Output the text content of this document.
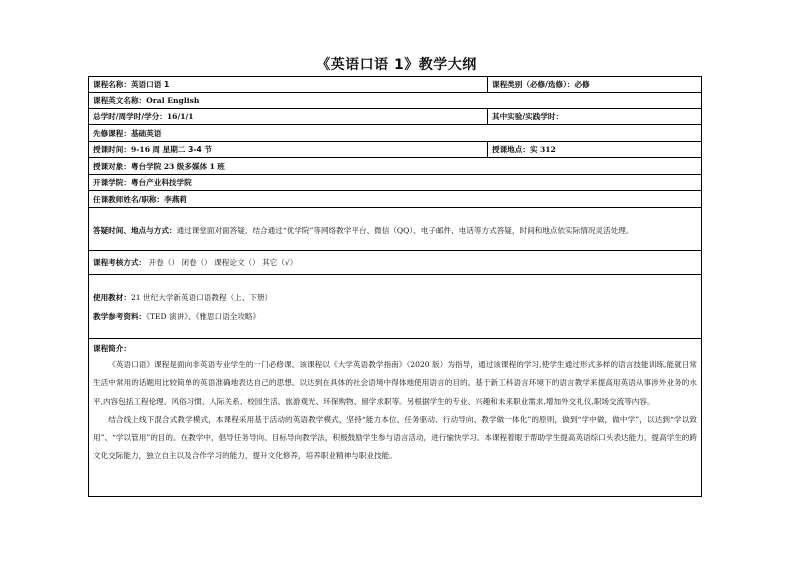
《英语口语 1》教学大纲
课程名称：英语口语 1	课程类别（必修/选修）：必修
课程英文名称：Oral English	
总学时/周学时/学分：16/1/1	其中实验/实践学时：
先修课程：基础英语	
授课时间：9-16 周 星期二 3-4 节	授课地点：实 312
授课对象：粤台学院 23 级多媒体 1 班	
开课学院：粤台产业科技学院	
任课教师姓名/职称：李燕莉	

答疑时间、地点与方式：通过课堂面对面答疑，结合通过“优学院”等网络教学平台、微信（QQ）、电子邮件、电话等方式答疑，时间和地点依实际情况灵活处理。	

课程考核方式： 开卷（） 闭卷（） 课程论文（） 其它（√）	

使用教材：21 世纪大学新英语口语教程（上、下册）
教学参考资料：《TED 演讲》、《雅思口语全攻略》	

课程简介：

《英语口语》课程是面向非英语专业学生的一门必修课。该课程以《大学英语教学指南》（2020 版）为指导，通过该课程的学习,使学生通过形式多样的语言技能训练,能就日常生活中常用的话题用比较简单的英语准确地表达自己的思想。以达到在具体的社会语境中得体地使用语言的目的。基于新工科语言环境下的语言教学来提高用英语从事涉外业务的水平,内容包括工程伦理、风俗习惯、人际关系、校园生活、旅游观光、环保购物、留学求职等。另根据学生的专业、兴趣和未来职业需求,增加外交礼仪,职场交流等内容。

结合线上线下混合式教学模式，本课程采用基于活动的英语教学模式，坚持“能力本位、任务驱动、行动导向、教学做一体化”的原则，做到“学中做，做中学”，以达到“学以致用”、“学以管用”的目的。在教学中，倡导任务导向、目标导向教学法，积极鼓励学生参与语言活动，进行愉快学习。本课程着眼于帮助学生提高英语综口头表达能力，提高学生的跨文化交际能力，独立自主以及合作学习的能力，提升文化修养，培养职业精神与职业技能。	
